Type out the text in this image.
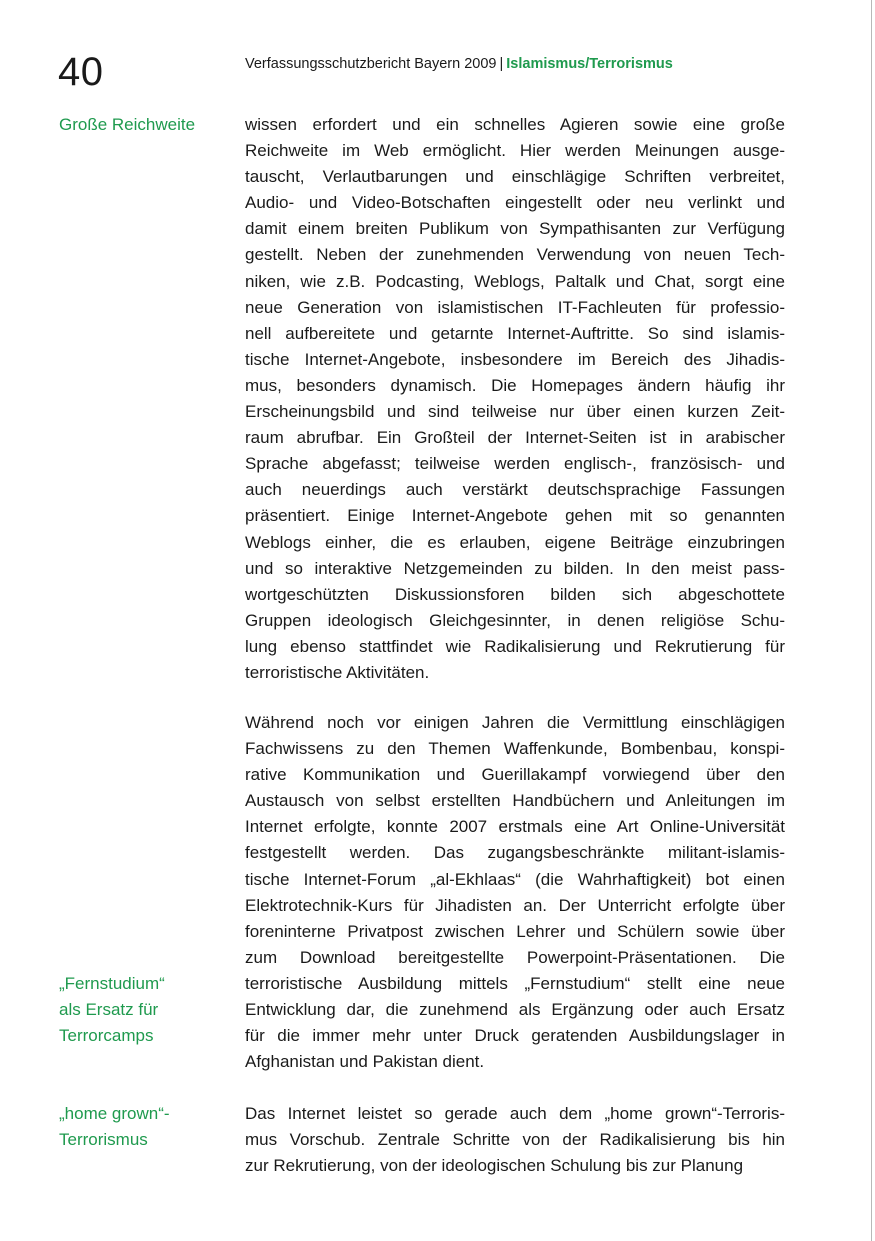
40	Verfassungsschutzbericht Bayern 2009 | Islamismus/Terrorismus
Große Reichweite
„Fernstudium“
als Ersatz für
Terrorcamps
„home grown“-
Terrorismus

wissen erfordert und ein schnelles Agieren sowie eine große
Reichweite im Web ermöglicht. Hier werden Meinungen ausge-
tauscht, Verlautbarungen und einschlägige Schriften verbreitet,
Audio- und Video-Botschaften eingestellt oder neu verlinkt und
damit einem breiten Publikum von Sympathisanten zur Verfügung
gestellt. Neben der zunehmenden Verwendung von neuen Tech-
niken, wie z.B. Podcasting, Weblogs, Paltalk und Chat, sorgt eine
neue Generation von islamistischen IT-Fachleuten für professio-
nell aufbereitete und getarnte Internet-Auftritte. So sind islamis-
tische Internet-Angebote, insbesondere im Bereich des Jihadis-
mus, besonders dynamisch. Die Homepages ändern häufig ihr
Erscheinungsbild und sind teilweise nur über einen kurzen Zeit-
raum abrufbar. Ein Großteil der Internet-Seiten ist in arabischer
Sprache abgefasst; teilweise werden englisch-, französisch- und
auch neuerdings auch verstärkt deutschsprachige Fassungen
präsentiert. Einige Internet-Angebote gehen mit so genannten
Weblogs einher, die es erlauben, eigene Beiträge einzubringen
und so interaktive Netzgemeinden zu bilden. In den meist pass-
wortgeschützten Diskussionsforen bilden sich abgeschottete
Gruppen ideologisch Gleichgesinnter, in denen religiöse Schu-
lung ebenso stattfindet wie Radikalisierung und Rekrutierung für
terroristische Aktivitäten.

Während noch vor einigen Jahren die Vermittlung einschlägigen
Fachwissens zu den Themen Waffenkunde, Bombenbau, konspi-
rative Kommunikation und Guerillakampf vorwiegend über den
Austausch von selbst erstellten Handbüchern und Anleitungen im
Internet erfolgte, konnte 2007 erstmals eine Art Online-Universität
festgestellt werden. Das zugangsbeschränkte militant-islamis-
tische Internet-Forum „al-Ekhlaas“ (die Wahrhaftigkeit) bot einen
Elektrotechnik-Kurs für Jihadisten an. Der Unterricht erfolgte über
foreninterne Privatpost zwischen Lehrer und Schülern sowie über
zum Download bereitgestellte Powerpoint-Präsentationen. Die
terroristische Ausbildung mittels „Fernstudium“ stellt eine neue
Entwicklung dar, die zunehmend als Ergänzung oder auch Ersatz
für die immer mehr unter Druck geratenden Ausbildungslager in
Afghanistan und Pakistan dient.

Das Internet leistet so gerade auch dem „home grown“-Terroris-
mus Vorschub. Zentrale Schritte von der Radikalisierung bis hin
zur Rekrutierung, von der ideologischen Schulung bis zur Planung
